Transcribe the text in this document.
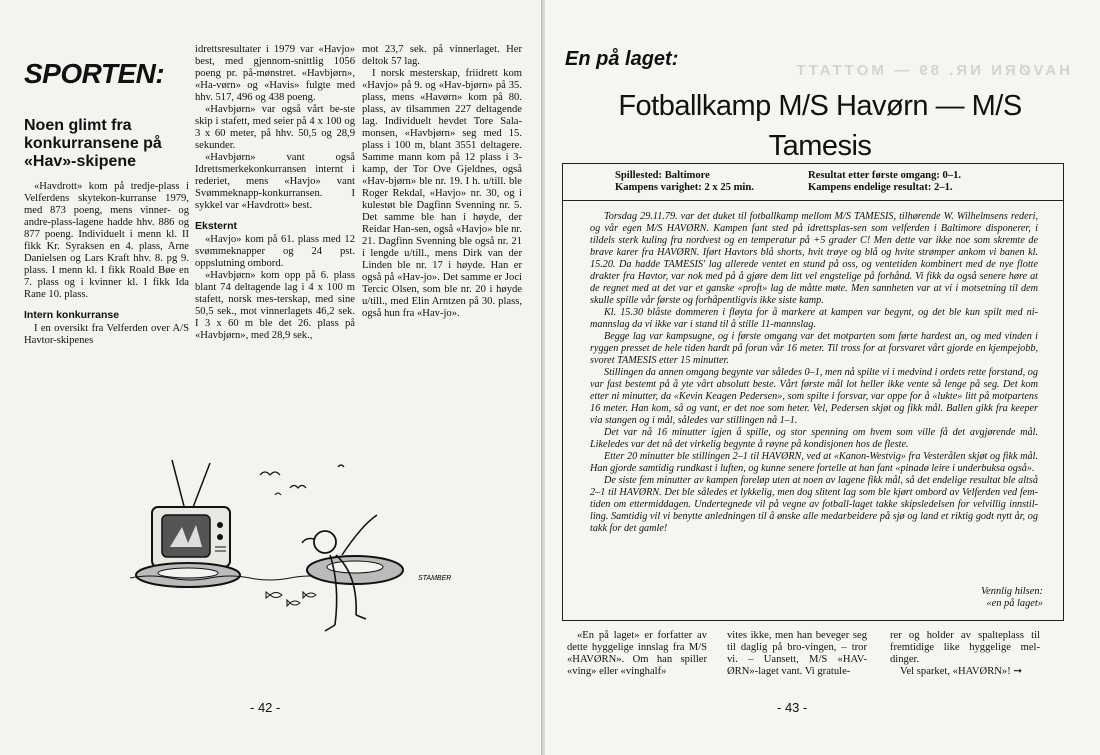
SPORTEN:
Noen glimt fra konkurransene på «Hav»-skipene

«Havdrott» kom på tredje-plass i Velferdens skytekon-kurranse 1979, med 873 poeng, mens vinner- og andre-plass-lagene hadde hhv. 886 og 877 poeng. Individuelt i menn kl. II fikk Kr. Syraksen en 4. plass, Arne Danielsen og Lars Kraft hhv. 8. pg 9. plass. I menn kl. I fikk Roald Bøe en 7. plass og i kvinner kl. I fikk Ida Rane 10. plass.

Intern konkurranse

I en oversikt fra Velferden over A/S Havtor-skipenes

idrettsresultater i 1979 var «Havjo» best, med gjennom-snittlig 1056 poeng pr. på-mønstret. «Havbjørn», «Ha-vørn» og «Havis» fulgte med hhv. 517, 496 og 438 poeng.

«Havbjørn» var også vårt be-ste skip i stafett, med seier på 4 x 100 og 3 x 60 meter, på hhv. 50,5 og 28,9 sekunder.

«Havbjørn» vant også Idrettsmerkekonkurransen internt i rederiet, mens «Havjo» vant Svømmeknapp-konkurransen. I sykkel var «Havdrott» best.

Eksternt

«Havjo» kom på 61. plass med 12 svømmeknapper og 24 pst. oppslutning ombord.

«Havbjørn» kom opp på 6. plass blant 74 deltagende lag i 4 x 100 m stafett, norsk mes-terskap, med sine 50,5 sek., mot vinnerlagets 46,2 sek. I 3 x 60 m ble det 26. plass på «Havbjørn», med 28,9 sek.,

mot 23,7 sek. på vinnerlaget. Her deltok 57 lag.

I norsk mesterskap, friidrett kom «Havjo» på 9. og «Hav-bjørn» på 35. plass, mens «Havørn» kom på 80. plass, av tilsammen 227 deltagende lag. Individuelt hevdet Tore Sala-monsen, «Havbjørn» seg med 15. plass i 100 m, blant 3551 deltagere. Samme mann kom på 12 plass i 3-kamp, der Tor Ove Gjeldnes, også «Hav-bjørn» ble nr. 19. I h. u/till. ble Roger Rekdal, «Havjo» nr. 30, og i kulestøt ble Dagfinn Svenning nr. 5. Det samme ble han i høyde, der Reidar Han-sen, også «Havjo» ble nr. 21. Dagfinn Svenning ble også nr. 21 i lengde u/till., mens Dirk van der Linden ble nr. 17 i høyde. Han er også på «Hav-jo». Det samme er Joci Tercic Olsen, som ble nr. 20 i høyde u/till., med Elin Arntzen på 30. plass, også hun fra «Hav-jo».

STAMBER
- 42 -
HAVØRN NR. 89 — MOTTATT
En på laget:
Fotballkamp M/S Havørn — M/S Tamesis
Spillested: Baltimore
Kampens varighet: 2 x 25 min.
Resultat etter første omgang: 0–1.
Kampens endelige resultat: 2–1.

Torsdag 29.11.79. var det duket til fotballkamp mellom M/S TAMESIS, tilhørende W. Wilhelmsens rederi, og vår egen M/S HAVØRN. Kampen fant sted på idrettsplas-sen som velferden i Baltimore disponerer, i tildels sterk kuling fra nordvest og en temperatur på +5 grader C! Men dette var ikke noe som skremte de brave karer fra HAVØRN. Iført Havtors blå shorts, hvit trøye og blå og hvite strømper ankom vi banen kl. 15.20. Da hadde TAMESIS' lag allerede ventet en stund på oss, og ventetiden kombinert med de nye flotte drakter fra Havtor, var nok med på å gjøre dem litt vel engstelige på forhånd. Vi fikk da også senere høre at de regnet med at det var et ganske «proft» lag de måtte møte. Men sannheten var at vi i motsetning til dem skulle spille vår første og forhåpentligvis ikke siste kamp.

Kl. 15.30 blåste dommeren i fløyta for å markere at kampen var begynt, og det ble kun spilt med ni-mannslag da vi ikke var i stand til å stille 11-mannslag.

Begge lag var kampsugne, og i første omgang var det motparten som førte hardest an, og med vinden i ryggen presset de hele tiden hardt på foran vår 16 meter. Til tross for at forsvaret vårt gjorde en kjempejobb, svoret TAMESIS etter 15 minutter.

Stillingen da annen omgang begynte var således 0–1, men nå spilte vi i medvind i ordets rette forstand, og var fast bestemt på å yte vårt absolutt beste. Vårt første mål lot heller ikke vente så lenge på seg. Det kom etter ni minutter, da «Kevin Keagen Pedersen», som spilte i forsvar, var oppe for å «lukte» litt på motpartens 16 meter. Han kom, så og vant, er det noe som heter. Vel, Pedersen skjøt og fikk mål. Ballen gikk fra keeper via stangen og i mål, således var stillingen nå 1–1.

Det var nå 16 minutter igjen å spille, og stor spenning om hvem som ville få det avgjørende mål. Likeledes var det nå det virkelig begynte å røyne på kondisjonen hos de fleste.

Etter 20 minutter ble stillingen 2–1 til HAVØRN, ved at «Kanon-Westvig» fra Vesterålen skjøt og fikk mål. Han gjorde samtidig rundkast i luften, og kunne senere fortelle at han fant «pinadø leire i underbuksa også».

De siste fem minutter av kampen foreløp uten at noen av lagene fikk mål, så det endelige resultat ble altså 2–1 til HAVØRN. Det ble således et lykkelig, men dog slitent lag som ble kjørt ombord av Velferden ved fem-tiden om ettermiddagen. Undertegnede vil på vegne av fotball-laget takke skipsledelsen for velvillig innstil-ling. Samtidig vil vi benytte anledningen til å ønske alle medarbeidere på sjø og land et riktig godt nytt år, og takk for det gamle!

Vennlig hilsen:
«en på laget»

«En på laget» er forfatter av dette hyggelige innslag fra M/S «HAVØRN». Om han spiller «ving» eller «vinghalf»

vites ikke, men han beveger seg til daglig på bro-vingen, – tror vi. – Uansett, M/S «HAV-ØRN»-laget vant. Vi gratule-

rer og holder av spalteplass til fremtidige like hyggelige mel-dinger.

Vel sparket, «HAVØRN»! ➞

- 43 -
